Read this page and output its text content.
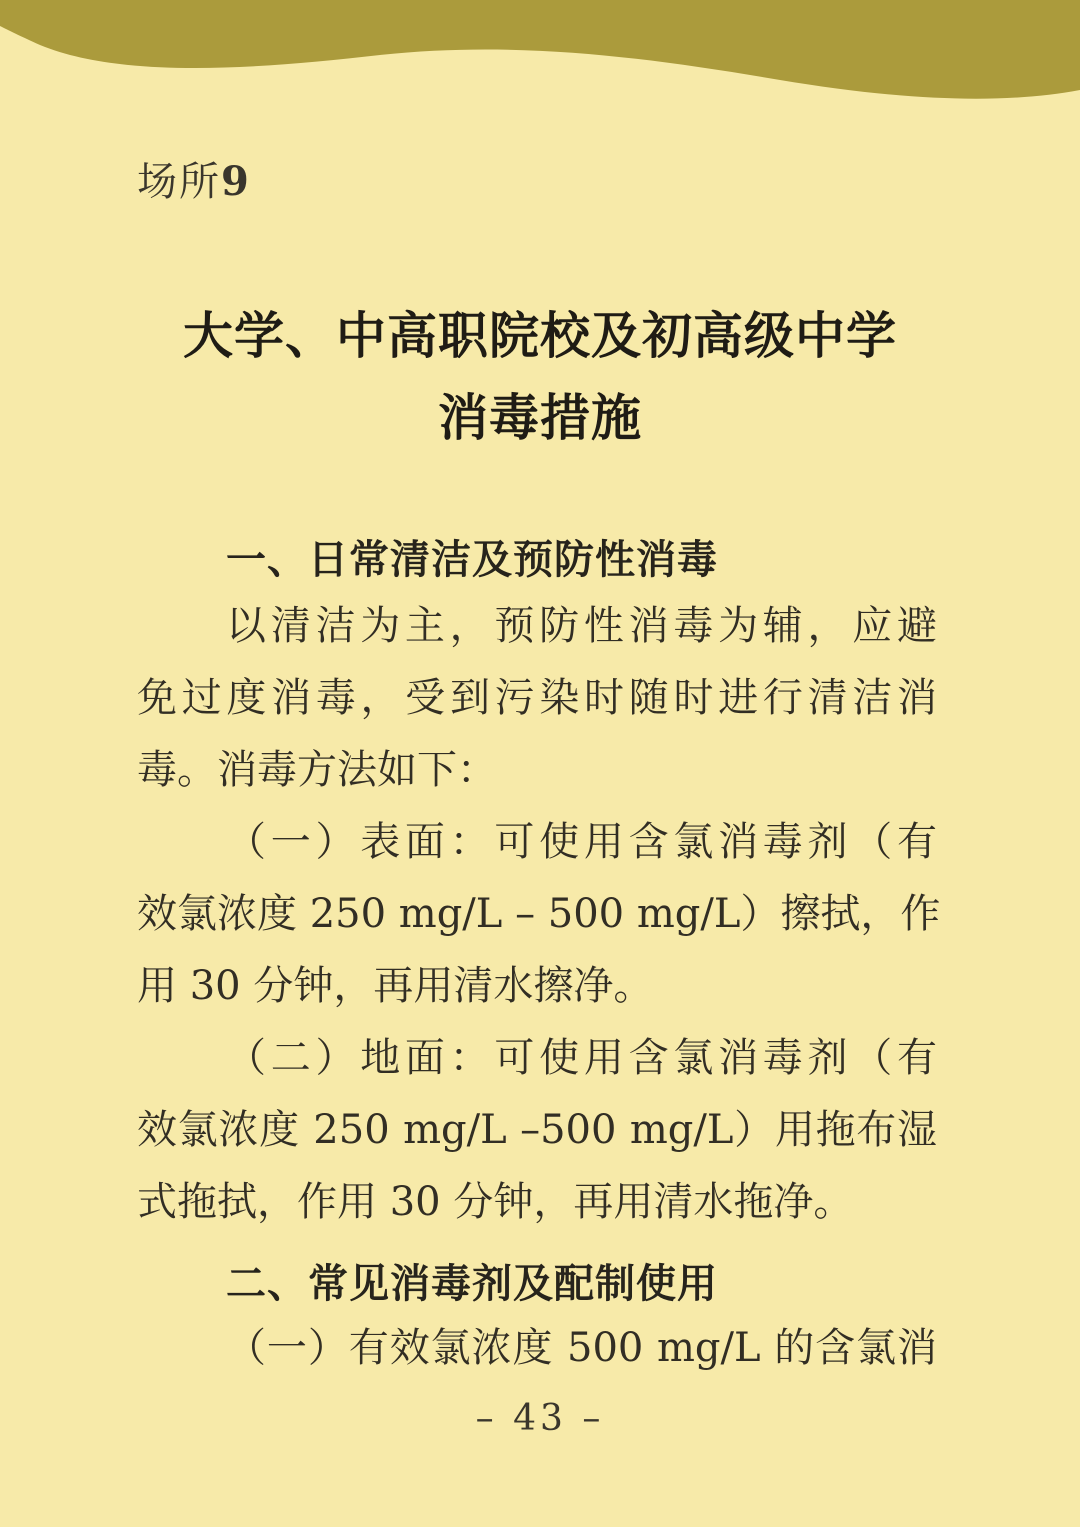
场所9
大学、中高职院校及初高级中学
消毒措施
一、日常清洁及预防性消毒
以清洁为主，预防性消毒为辅，应避
免过度消毒，受到污染时随时进行清洁消
毒。消毒方法如下：
（一）表面：可使用含氯消毒剂（有
效氯浓度 250 mg/L – 500 mg/L）擦拭，作
用 30 分钟，再用清水擦净。
（二）地面：可使用含氯消毒剂（有
效氯浓度 250 mg/L –500 mg/L）用拖布湿
式拖拭，作用 30 分钟，再用清水拖净。
二、常见消毒剂及配制使用
（一）有效氯浓度 500 mg/L 的含氯消
– 43 –
